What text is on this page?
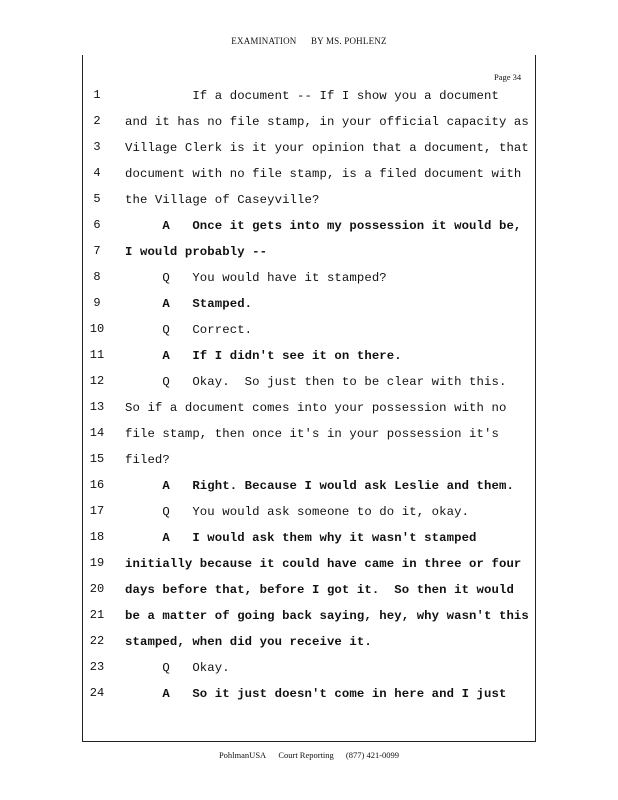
EXAMINATION BY MS. POHLENZ
Page 34
1	If a document -- If I show you a document
2	and it has no file stamp, in your official capacity as
3	Village Clerk is it your opinion that a document, that
4	document with no file stamp, is a filed document with
5	the Village of Caseyville?
6	A   Once it gets into my possession it would be,
7	I would probably --
8	Q   You would have it stamped?
9	A   Stamped.
10 Q   Correct.
11 A   If I didn't see it on there.
12 Q   Okay.  So just then to be clear with this.
13 So if a document comes into your possession with no
14 file stamp, then once it's in your possession it's
15 filed?
16 A   Right. Because I would ask Leslie and them.
17 Q   You would ask someone to do it, okay.
18 A   I would ask them why it wasn't stamped
19 initially because it could have came in three or four
20 days before that, before I got it.  So then it would
21 be a matter of going back saying, hey, why wasn't this
22 stamped, when did you receive it.
23 Q   Okay.
24 A   So it just doesn't come in here and I just
PohlmanUSA Court Reporting (877) 421-0099
